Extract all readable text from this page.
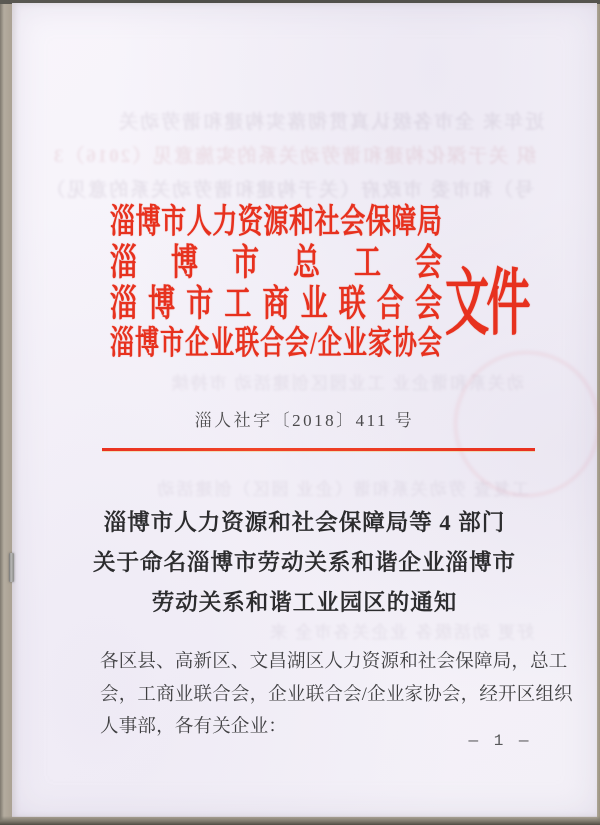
近年来 全市各级认真贯彻落实构建和谐劳动关
织 关于深化构建和谐劳动关系的实施意见（2016）3
号）和市委 市政府（关于构建和谐劳动关系的意见）
动关系和谐企业 工业园区创建活动 市持续
工复查 劳动关系和谐（企业 园区）创建活动
好更 动活级各 业企关各市全 来
淄 博 市 人 力 资 源 和 社 会 保 障 局
淄 博 市 总 工 会
淄 博 市 工 商 业 联 合 会
淄 博 市 企 业 联 合 会 / 企 业 家 协 会 文件
淄人社字〔2018〕411 号
淄博市人力资源和社会保障局等 4 部门
关于命名淄博市劳动关系和谐企业淄博市
劳动关系和谐工业园区的通知
各区县、高新区、文昌湖区人力资源和社会保障局，总工
会，工商业联合会，企业联合会/企业家协会，经开区组织
人事部，各有关企业：
— 1 —
